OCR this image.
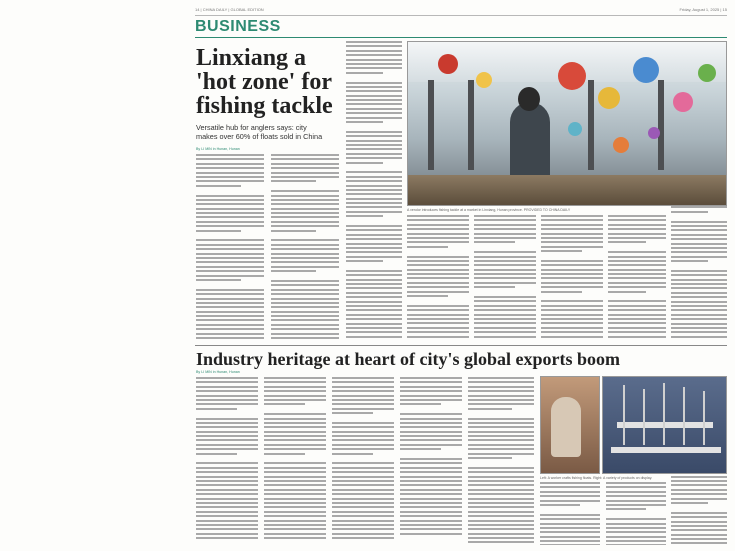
14 | CHINA DAILY | GLOBAL EDITION	Friday, August 1, 2025 | 15
BUSINESS
Linxiang a
'hot zone' for
fishing tackle
Versatile hub for anglers says: city
makes over 60% of floats sold in China
By LI MIN in Hunan, Hunan
A vendor introduces fishing tackle at a market in Linxiang, Hunan province. PROVIDED TO CHINA DAILY
Industry heritage at heart of city's global exports boom
By LI MIN in Hunan, Hunan
Left: A worker crafts fishing floats. Right: A variety of products on display.
